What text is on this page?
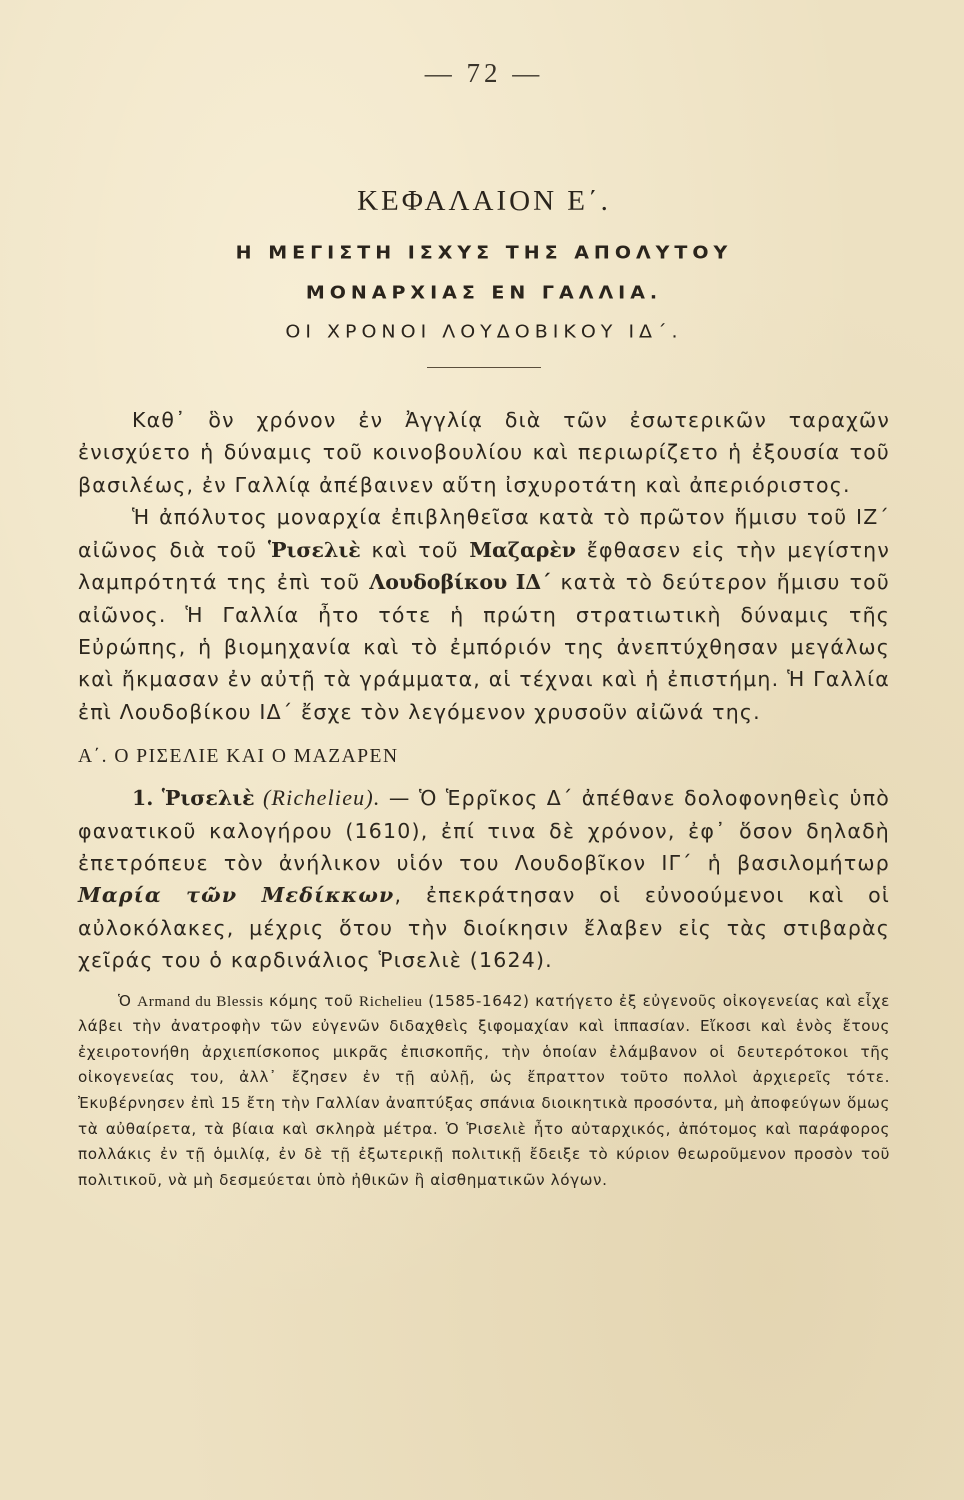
— 72 —
ΚΕΦΑΛΑΙΟΝ Ε΄.
Η ΜΕΓΙΣΤΗ ΙΣΧΥΣ ΤΗΣ ΑΠΟΛΥΤΟΥ
ΜΟΝΑΡΧΙΑΣ ΕΝ ΓΑΛΛΙΑ.
ΟΙ ΧΡΟΝΟΙ ΛΟΥΔΟΒΙΚΟΥ ΙΔ΄.

Καθ᾽ ὃν χρόνον ἐν Ἀγγλίᾳ διὰ τῶν ἐσωτερικῶν ταραχῶν ἐνισχύετο ἡ δύναμις τοῦ κοινοβουλίου καὶ περιωρίζετο ἡ ἐξουσία τοῦ βασιλέως, ἐν Γαλλίᾳ ἀπέβαινεν αὕτη ἰσχυροτάτη καὶ ἀπεριόριστος.

Ἡ ἀπόλυτος μοναρχία ἐπιβληθεῖσα κατὰ τὸ πρῶτον ἥμισυ τοῦ ΙΖ΄ αἰῶνος διὰ τοῦ Ῥισελιὲ καὶ τοῦ Μαζαρὲν ἔφθασεν εἰς τὴν μεγίστην λαμπρότητά της ἐπὶ τοῦ Λουδοβίκου ΙΔ΄ κατὰ τὸ δεύτερον ἥμισυ τοῦ αἰῶνος. Ἡ Γαλλία ἦτο τότε ἡ πρώτη στρατιωτικὴ δύναμις τῆς Εὐρώπης, ἡ βιομηχανία καὶ τὸ ἐμπόριόν της ἀνεπτύχθησαν μεγάλως καὶ ἤκμασαν ἐν αὐτῇ τὰ γράμματα, αἱ τέχναι καὶ ἡ ἐπιστήμη. Ἡ Γαλλία ἐπὶ Λουδοβίκου ΙΔ΄ ἔσχε τὸν λεγόμενον χρυσοῦν αἰῶνά της.

Α΄. Ο ΡΙΣΕΛΙΕ ΚΑΙ Ο ΜΑΖΑΡΕΝ

1. Ῥισελιὲ (Richelieu). — Ὁ Ἑρρῖκος Δ΄ ἀπέθανε δολοφονηθεὶς ὑπὸ φανατικοῦ καλογήρου (1610), ἐπί τινα δὲ χρόνον, ἐφ᾽ ὅσον δηλαδὴ ἐπετρόπευε τὸν ἀνήλικον υἱόν του Λουδοβῖκον ΙΓ΄ ἡ βασιλομήτωρ Μαρία τῶν Μεδίκκων, ἐπεκράτησαν οἱ εὐνοούμενοι καὶ οἱ αὐλοκόλακες, μέχρις ὅτου τὴν διοίκησιν ἔλαβεν εἰς τὰς στιβαρὰς χεῖράς του ὁ καρδινάλιος Ῥισελιὲ (1624).

Ὁ Armand du Blessis κόμης τοῦ Richelieu (1585-1642) κατήγετο ἐξ εὐγενοῦς οἰκογενείας καὶ εἶχε λάβει τὴν ἀνατροφὴν τῶν εὐγενῶν διδαχθεὶς ξιφομαχίαν καὶ ἱππασίαν. Εἴκοσι καὶ ἑνὸς ἔτους ἐχειροτονήθη ἀρχιεπίσκοπος μικρᾶς ἐπισκοπῆς, τὴν ὁποίαν ἐλάμβανον οἱ δευτερότοκοι τῆς οἰκογενείας του, ἀλλ᾽ ἔζησεν ἐν τῇ αὐλῇ, ὡς ἔπραττον τοῦτο πολλοὶ ἀρχιερεῖς τότε. Ἐκυβέρνησεν ἐπὶ 15 ἔτη τὴν Γαλλίαν ἀναπτύξας σπάνια διοικητικὰ προσόντα, μὴ ἀποφεύγων ὅμως τὰ αὐθαίρετα, τὰ βίαια καὶ σκληρὰ μέτρα. Ὁ Ῥισελιὲ ἦτο αὐταρχικός, ἀπότομος καὶ παράφορος πολλάκις ἐν τῇ ὁμιλίᾳ, ἐν δὲ τῇ ἐξωτερικῇ πολιτικῇ ἔδειξε τὸ κύριον θεωροῦμενον προσὸν τοῦ πολιτικοῦ, νὰ μὴ δεσμεύεται ὑπὸ ἠθικῶν ἢ αἰσθηματικῶν λόγων.
